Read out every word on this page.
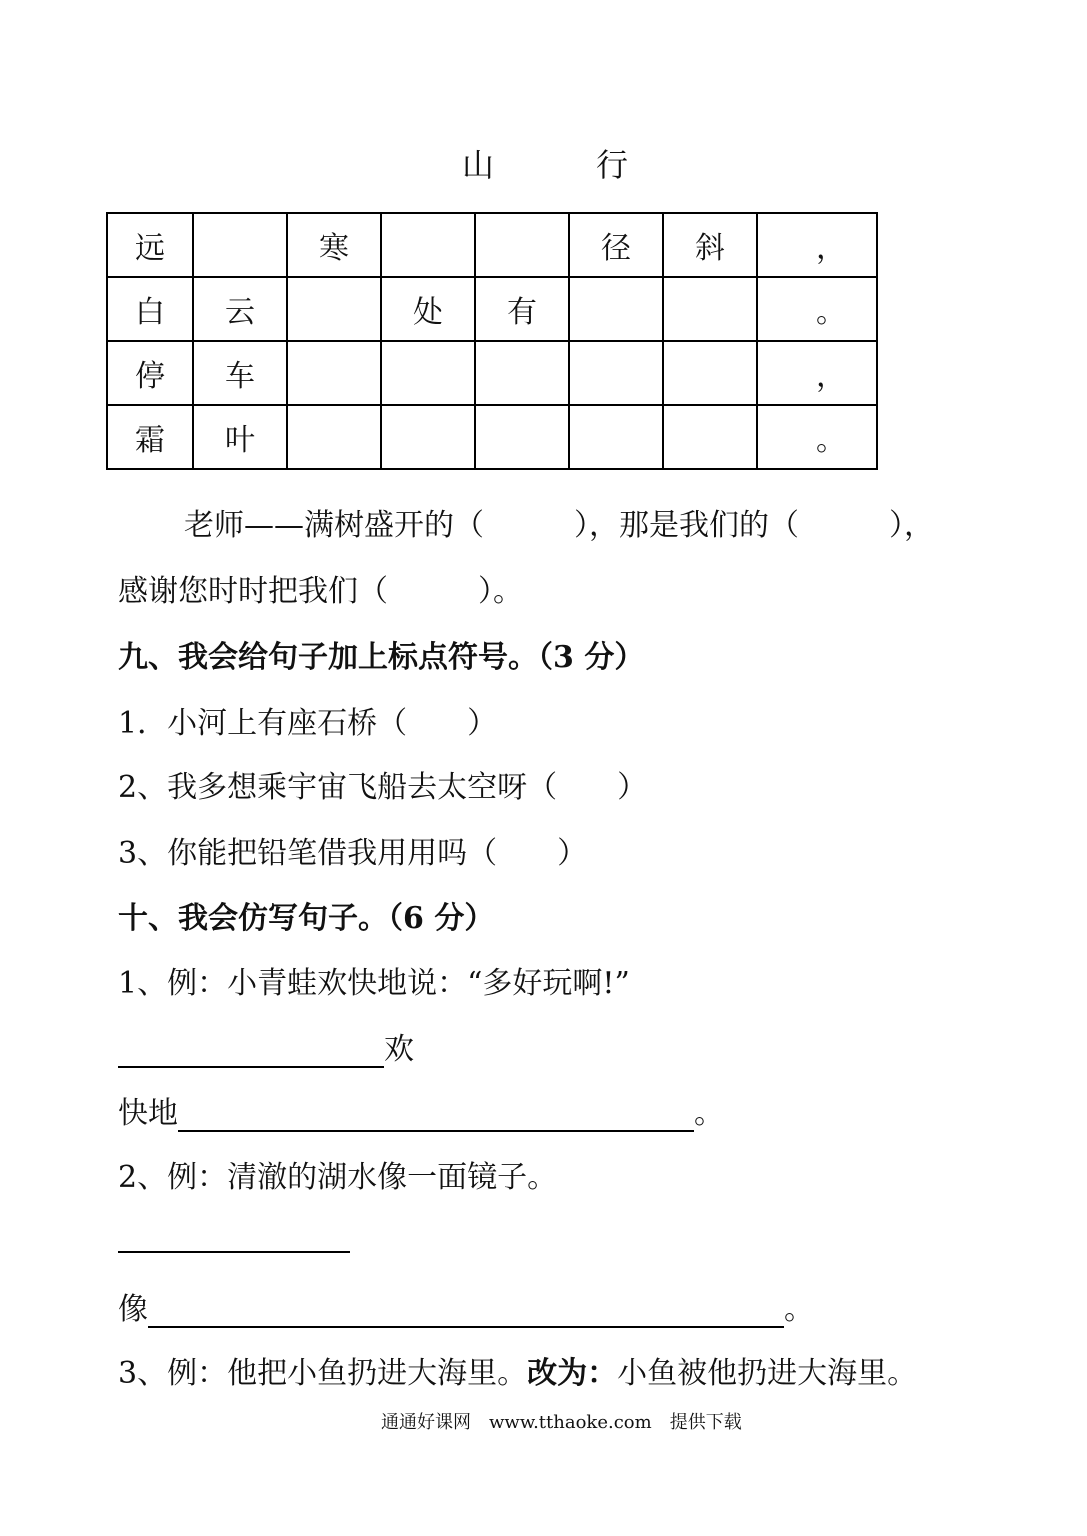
山	行
远		寒			径	斜	，
白	云		处	有			。
停	车						，
霜	叶						。
老师——满树盛开的（　　　），那是我们的（　　　），
感谢您时时把我们（　　　）。
九、我会给句子加上标点符号。（3 分）
1．小河上有座石桥（　　）
2、我多想乘宇宙飞船去太空呀（　　）
3、你能把铅笔借我用用吗（　　）
十、我会仿写句子。（6 分）
1、例：小青蛙欢快地说：“多好玩啊!”
欢
快地	。
2、例：清澈的湖水像一面镜子。
像	。
3、例：他把小鱼扔进大海里。改为：小鱼被他扔进大海里。
通通好课网　www.tthaoke.com　提供下载
